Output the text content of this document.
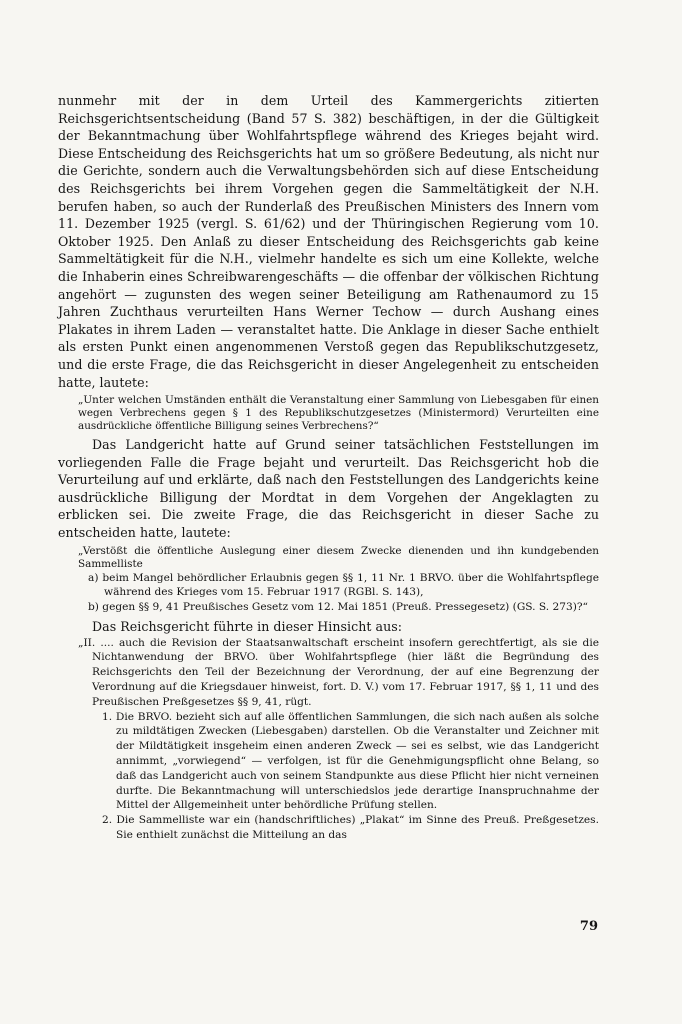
nunmehr mit der in dem Urteil des Kammergerichts zitierten Reichsgerichtsentscheidung (Band 57 S. 382) beschäftigen, in der die Gültigkeit der Bekanntmachung über Wohlfahrtspflege während des Krieges bejaht wird. Diese Entscheidung des Reichsgerichts hat um so größere Bedeutung, als nicht nur die Gerichte, sondern auch die Verwaltungsbehörden sich auf diese Entscheidung des Reichsgerichts bei ihrem Vorgehen gegen die Sammeltätigkeit der N.H. berufen haben, so auch der Runderlaß des Preußischen Ministers des Innern vom 11. Dezember 1925 (vergl. S. 61/62) und der Thüringischen Regierung vom 10. Oktober 1925. Den Anlaß zu dieser Entscheidung des Reichsgerichts gab keine Sammeltätigkeit für die N.H., vielmehr handelte es sich um eine Kollekte, welche die Inhaberin eines Schreibwarengeschäfts — die offenbar der völkischen Richtung angehört — zugunsten des wegen seiner Beteiligung am Rathenaumord zu 15 Jahren Zuchthaus verurteilten Hans Werner Techow — durch Aushang eines Plakates in ihrem Laden — veranstaltet hatte. Die Anklage in dieser Sache enthielt als ersten Punkt einen angenommenen Verstoß gegen das Republikschutzgesetz, und die erste Frage, die das Reichsgericht in dieser Angelegenheit zu entscheiden hatte, lautete:

„Unter welchen Umständen enthält die Veranstaltung einer Sammlung von Liebesgaben für einen wegen Verbrechens gegen § 1 des Republikschutzgesetzes (Ministermord) Verurteilten eine ausdrückliche öffentliche Billigung seines Verbrechens?“

Das Landgericht hatte auf Grund seiner tatsächlichen Feststellungen im vorliegenden Falle die Frage bejaht und verurteilt. Das Reichsgericht hob die Verurteilung auf und erklärte, daß nach den Feststellungen des Landgerichts keine ausdrückliche Billigung der Mordtat in dem Vorgehen der Angeklagten zu erblicken sei. Die zweite Frage, die das Reichsgericht in dieser Sache zu entscheiden hatte, lautete:

„Verstößt die öffentliche Auslegung einer diesem Zwecke dienenden und ihn kundgebenden Sammelliste

a) beim Mangel behördlicher Erlaubnis gegen §§ 1, 11 Nr. 1 BRVO. über die Wohlfahrtspflege während des Krieges vom 15. Februar 1917 (RGBl. S. 143),

b) gegen §§ 9, 41 Preußisches Gesetz vom 12. Mai 1851 (Preuß. Pressegesetz) (GS. S. 273)?“

Das Reichsgericht führte in dieser Hinsicht aus:

„II. .... auch die Revision der Staatsanwaltschaft erscheint insofern gerechtfertigt, als sie die Nichtanwendung der BRVO. über Wohlfahrtspflege (hier läßt die Begründung des Reichsgerichts den Teil der Bezeichnung der Verordnung, der auf eine Begrenzung der Verordnung auf die Kriegsdauer hinweist, fort. D. V.) vom 17. Februar 1917, §§ 1, 11 und des Preußischen Preßgesetzes §§ 9, 41, rügt.

1. Die BRVO. bezieht sich auf alle öffentlichen Sammlungen, die sich nach außen als solche zu mildtätigen Zwecken (Liebesgaben) darstellen. Ob die Veranstalter und Zeichner mit der Mildtätigkeit insgeheim einen anderen Zweck — sei es selbst, wie das Landgericht annimmt, „vorwiegend“ — verfolgen, ist für die Genehmigungspflicht ohne Belang, so daß das Landgericht auch von seinem Standpunkte aus diese Pflicht hier nicht verneinen durfte. Die Bekanntmachung will unterschiedslos jede derartige Inanspruchnahme der Mittel der Allgemeinheit unter behördliche Prüfung stellen.

2. Die Sammelliste war ein (handschriftliches) „Plakat“ im Sinne des Preuß. Preßgesetzes. Sie enthielt zunächst die Mitteilung an das

79
